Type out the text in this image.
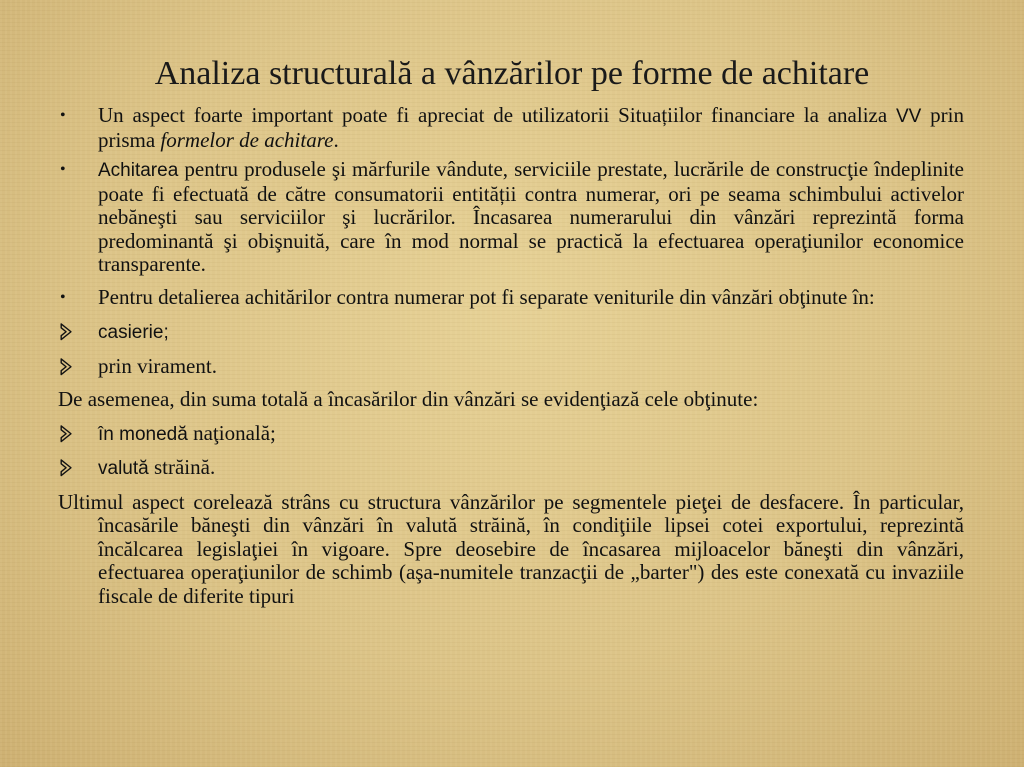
Analiza structurală a vânzărilor pe forme de achitare
•	Un aspect foarte important poate fi apreciat de utilizatorii Situațiilor financiare la analiza VV prin prisma formelor de achitare.
•	Achitarea pentru produsele şi mărfurile vândute, serviciile prestate, lucrările de construcţie îndeplinite poate fi efectuată de către consumatorii entității contra numerar, ori pe seama schimbului activelor nebăneşti sau serviciilor şi lucrărilor. Încasarea numerarului din vânzări reprezintă forma predominantă şi obişnuită, care în mod normal se practică la efectuarea operaţiunilor economice transparente.
•	Pentru detalierea achitărilor contra numerar pot fi separate veniturile din vânzări obţinute în:
casierie;
prin virament.
De asemenea, din suma totală a încasărilor din vânzări se evidenţiază cele obţinute:
în monedă naţională;
valută străină.
Ultimul aspect corelează strâns cu structura vânzărilor pe segmentele pieţei de desfacere. În particular, încasările băneşti din vânzări în valută străină, în condiţiile lipsei cotei exportului, reprezintă încălcarea legislaţiei în vigoare. Spre deosebire de încasarea mijloacelor băneşti din vânzări, efectuarea operaţiunilor de schimb (aşa-numitele tranzacţii de „barter") des este conexată cu invaziile fiscale de diferite tipuri
